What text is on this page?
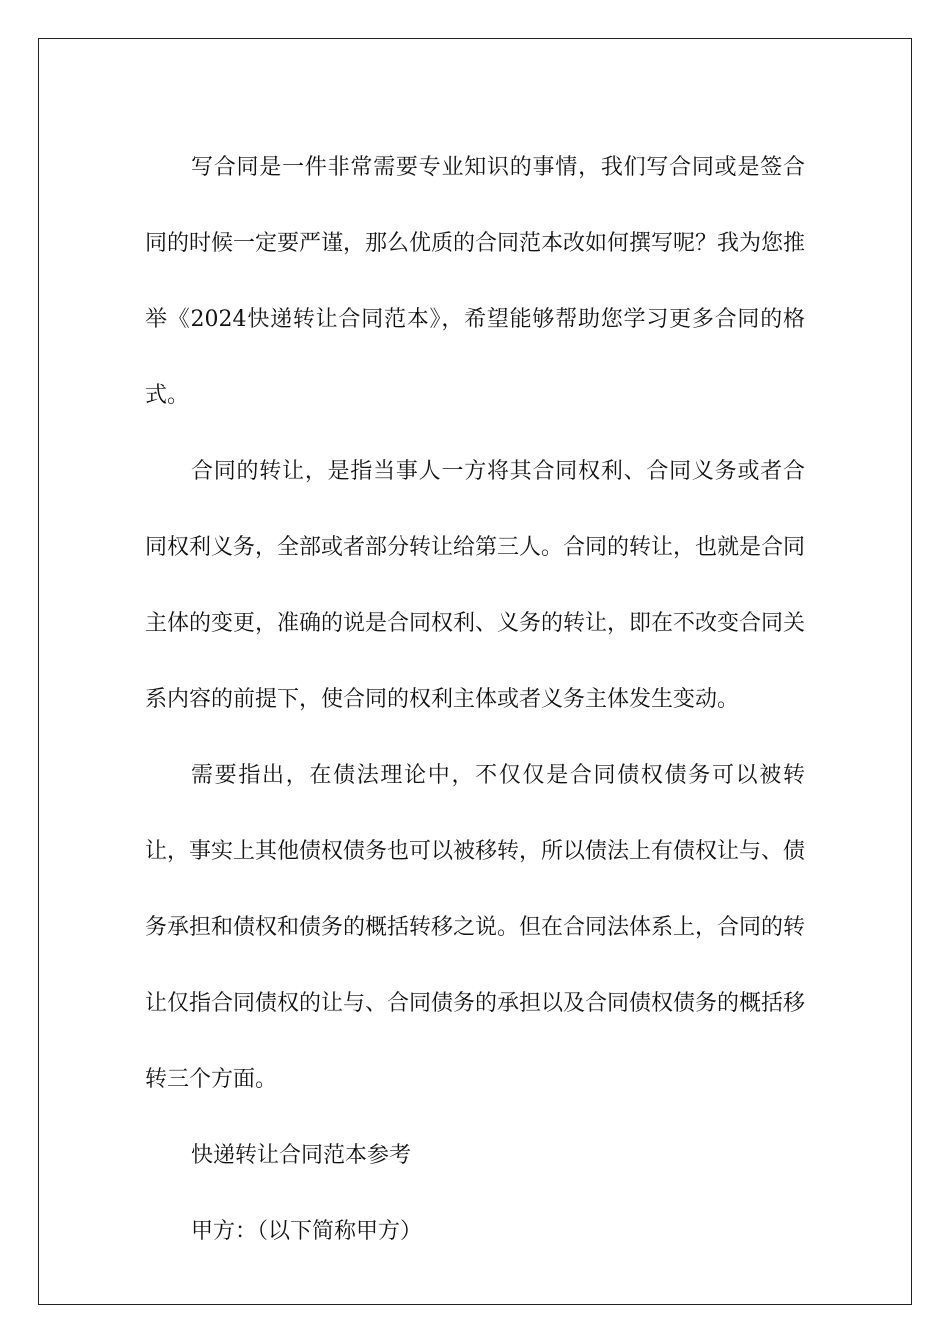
写合同是一件非常需要专业知识的事情，我们写合同或是签合同的时候一定要严谨，那么优质的合同范本改如何撰写呢？我为您推举《2024快递转让合同范本》，希望能够帮助您学习更多合同的格式。

合同的转让，是指当事人一方将其合同权利、合同义务或者合同权利义务，全部或者部分转让给第三人。合同的转让，也就是合同主体的变更，准确的说是合同权利、义务的转让，即在不改变合同关系内容的前提下，使合同的权利主体或者义务主体发生变动。

需要指出，在债法理论中，不仅仅是合同债权债务可以被转让，事实上其他债权债务也可以被移转，所以债法上有债权让与、债务承担和债权和债务的概括转移之说。但在合同法体系上，合同的转让仅指合同债权的让与、合同债务的承担以及合同债权债务的概括移转三个方面。

快递转让合同范本参考

甲方：（以下简称甲方）
